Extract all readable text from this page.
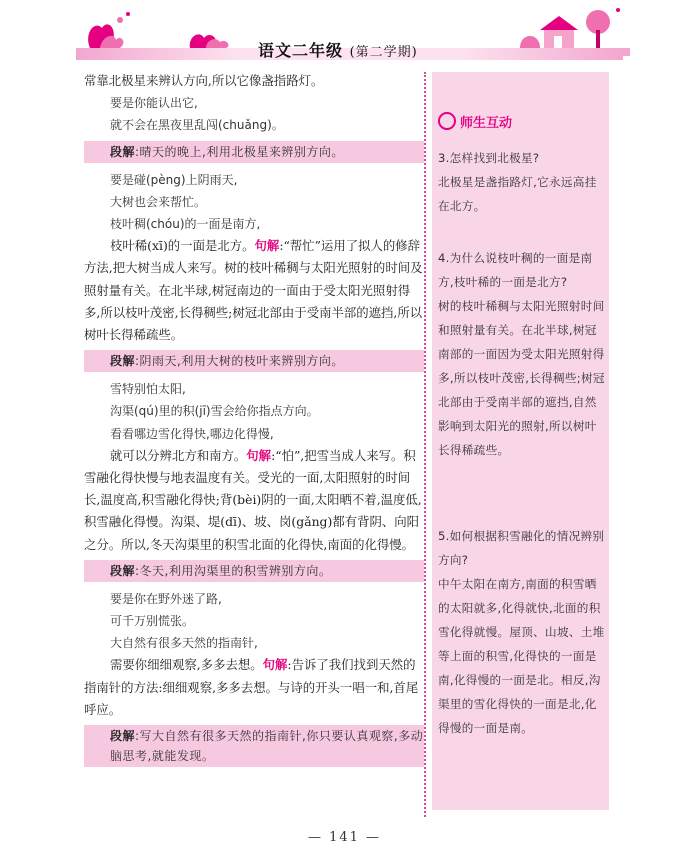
语文二年级 (第二学期)

常靠北极星来辨认方向,所以它像盏指路灯。

要是你能认出它,

就不会在黑夜里乱闯(chuǎng)。

段解:晴天的晚上,利用北极星来辨别方向。

要是碰(pèng)上阴雨天,

大树也会来帮忙。

枝叶稠(chóu)的一面是南方,

枝叶稀(xī)的一面是北方。句解:“帮忙”运用了拟人的修辞方法,把大树当成人来写。树的枝叶稀稠与太阳光照射的时间及照射量有关。在北半球,树冠南边的一面由于受太阳光照射得多,所以枝叶茂密,长得稠些;树冠北部由于受南半部的遮挡,所以树叶长得稀疏些。

段解:阴雨天,利用大树的枝叶来辨别方向。

雪特别怕太阳,

沟渠(qú)里的积(jī)雪会给你指点方向。

看看哪边雪化得快,哪边化得慢,

就可以分辨北方和南方。句解:“怕”,把雪当成人来写。积雪融化得快慢与地表温度有关。受光的一面,太阳照射的时间长,温度高,积雪融化得快;背(bèi)阴的一面,太阳晒不着,温度低,积雪融化得慢。沟渠、堤(dī)、坡、岗(gǎng)都有背阴、向阳之分。所以,冬天沟渠里的积雪北面的化得快,南面的化得慢。

段解:冬天,利用沟渠里的积雪辨别方向。

要是你在野外迷了路,

可千万别慌张。

大自然有很多天然的指南针,

需要你细细观察,多多去想。句解:告诉了我们找到天然的指南针的方法:细细观察,多多去想。与诗的开头一唱一和,首尾呼应。

段解:写大自然有很多天然的指南针,你只要认真观察,多动脑思考,就能发现。
师生互动

3.怎样找到北极星?

北极星是盏指路灯,它永远高挂在北方。

4.为什么说枝叶稠的一面是南方,枝叶稀的一面是北方?

树的枝叶稀稠与太阳光照射时间和照射量有关。在北半球,树冠南部的一面因为受太阳光照射得多,所以枝叶茂密,长得稠些;树冠北部由于受南半部的遮挡,自然影响到太阳光的照射,所以树叶长得稀疏些。

5.如何根据积雪融化的情况辨别方向?

中午太阳在南方,南面的积雪晒的太阳就多,化得就快,北面的积雪化得就慢。屋顶、山坡、土堆等上面的积雪,化得快的一面是南,化得慢的一面是北。相反,沟渠里的雪化得快的一面是北,化得慢的一面是南。

— 141 —
